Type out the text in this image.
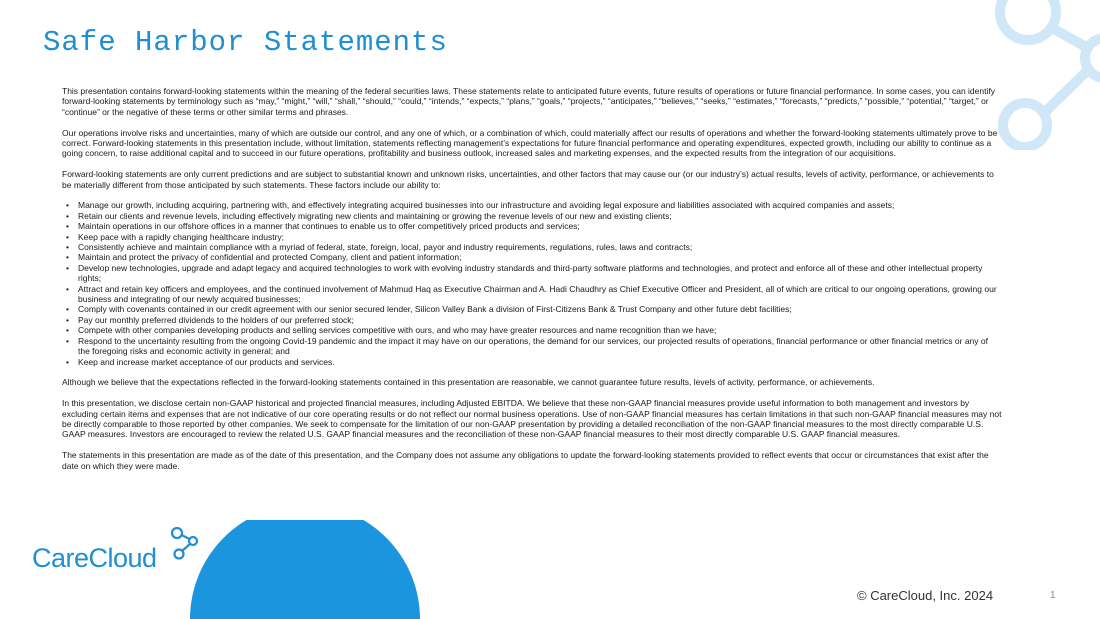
Safe Harbor Statements

This presentation contains forward-looking statements within the meaning of the federal securities laws. These statements relate to anticipated future events, future results of operations or future financial performance. In some cases, you can identify forward-looking statements by terminology such as “may,” “might,” “will,” “shall,” “should,” “could,” “intends,” “expects,” “plans,” “goals,” “projects,” “anticipates,” “believes,” “seeks,” “estimates,” “forecasts,” “predicts,” “possible,” “potential,” “target,” or “continue” or the negative of these terms or other similar terms and phrases.

Our operations involve risks and uncertainties, many of which are outside our control, and any one of which, or a combination of which, could materially affect our results of operations and whether the forward-looking statements ultimately prove to be correct. Forward-looking statements in this presentation include, without limitation, statements reflecting management’s expectations for future financial performance and operating expenditures, expected growth, including our ability to continue as a going concern, to raise additional capital and to succeed in our future operations, profitability and business outlook, increased sales and marketing expenses, and the expected results from the integration of our acquisitions.

Forward-looking statements are only current predictions and are subject to substantial known and unknown risks, uncertainties, and other factors that may cause our (or our industry’s) actual results, levels of activity, performance, or achievements to be materially different from those anticipated by such statements. These factors include our ability to:

• Manage our growth, including acquiring, partnering with, and effectively integrating acquired businesses into our infrastructure and avoiding legal exposure and liabilities associated with acquired companies and assets;
• Retain our clients and revenue levels, including effectively migrating new clients and maintaining or growing the revenue levels of our new and existing clients;
• Maintain operations in our offshore offices in a manner that continues to enable us to offer competitively priced products and services;
• Keep pace with a rapidly changing healthcare industry;
• Consistently achieve and maintain compliance with a myriad of federal, state, foreign, local, payor and industry requirements, regulations, rules, laws and contracts;
• Maintain and protect the privacy of confidential and protected Company, client and patient information;
• Develop new technologies, upgrade and adapt legacy and acquired technologies to work with evolving industry standards and third-party software platforms and technologies, and protect and enforce all of these and other intellectual property rights;
• Attract and retain key officers and employees, and the continued involvement of Mahmud Haq as Executive Chairman and A. Hadi Chaudhry as Chief Executive Officer and President, all of which are critical to our ongoing operations, growing our business and integrating of our newly acquired businesses;
• Comply with covenants contained in our credit agreement with our senior secured lender, Silicon Valley Bank a division of First-Citizens Bank & Trust Company and other future debt facilities;
• Pay our monthly preferred dividends to the holders of our preferred stock;
• Compete with other companies developing products and selling services competitive with ours, and who may have greater resources and name recognition than we have;
• Respond to the uncertainty resulting from the ongoing Covid-19 pandemic and the impact it may have on our operations, the demand for our services, our projected results of operations, financial performance or other financial metrics or any of the foregoing risks and economic activity in general; and
• Keep and increase market acceptance of our products and services.

Although we believe that the expectations reflected in the forward-looking statements contained in this presentation are reasonable, we cannot guarantee future results, levels of activity, performance, or achievements.

In this presentation, we disclose certain non-GAAP historical and projected financial measures, including Adjusted EBITDA. We believe that these non-GAAP financial measures provide useful information to both management and investors by excluding certain items and expenses that are not indicative of our core operating results or do not reflect our normal business operations. Use of non-GAAP financial measures has certain limitations in that such non-GAAP financial measures may not be directly comparable to those reported by other companies. We seek to compensate for the limitation of our non-GAAP presentation by providing a detailed reconciliation of the non-GAAP financial measures to the most directly comparable U.S. GAAP measures. Investors are encouraged to review the related U.S. GAAP financial measures and the reconciliation of these non-GAAP financial measures to their most directly comparable U.S. GAAP financial measures.

The statements in this presentation are made as of the date of this presentation, and the Company does not assume any obligations to update the forward-looking statements provided to reflect events that occur or circumstances that exist after the date on which they were made.

CareCloud
© CareCloud, Inc. 2024	1
